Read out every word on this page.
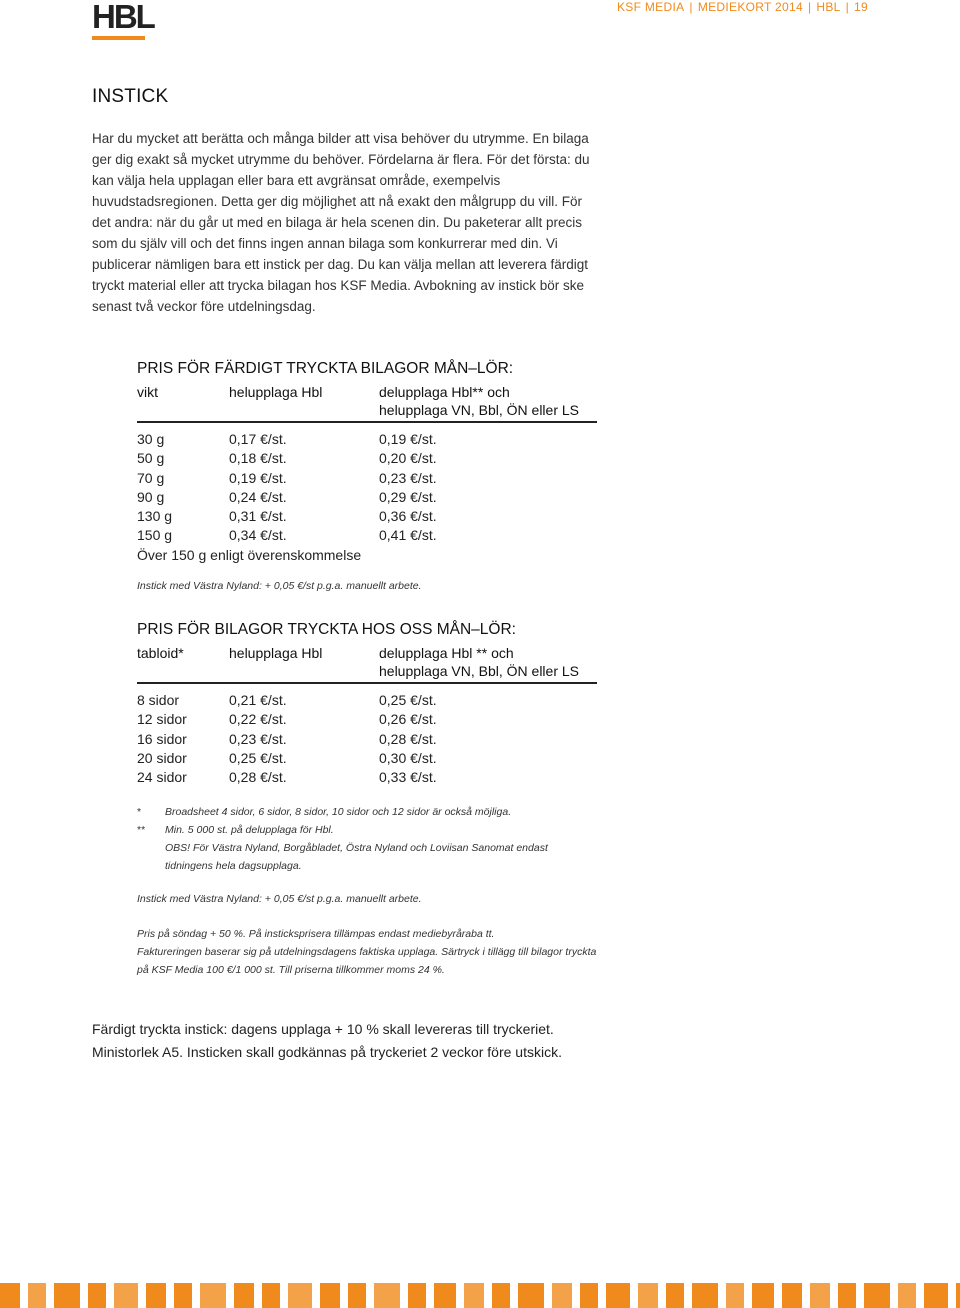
HBL	KSF MEDIA | MEDIEKORT 2014 | HBL | 19
INSTICK

Har du mycket att berätta och många bilder att visa behöver du utrymme. En bilaga ger dig exakt så mycket utrymme du behöver. Fördelarna är flera. För det första: du kan välja hela upplagan eller bara ett avgränsat område, exempelvis huvudstadsregionen. Detta ger dig möjlighet att nå exakt den målgrupp du vill. För det andra: när du går ut med en bilaga är hela scenen din. Du paketerar allt precis som du själv vill och det finns ingen annan bilaga som konkurrerar med din. Vi publicerar nämligen bara ett instick per dag. Du kan välja mellan att leverera färdigt tryckt material eller att trycka bilagan hos KSF Media. Avbokning av instick bör ske senast två veckor före utdelningsdag.

PRIS FÖR FÄRDIGT TRYCKTA BILAGOR MÅN–LÖR:
vikt	helupplaga Hbl	delupplaga Hbl** och
helupplaga VN, Bbl, ÖN eller LS
30 g	0,17 €/st.	0,19 €/st.
50 g	0,18 €/st.	0,20 €/st.
70 g	0,19 €/st.	0,23 €/st.
90 g	0,24 €/st.	0,29 €/st.
130 g	0,31 €/st.	0,36 €/st.
150 g	0,34 €/st.	0,41 €/st.
Över 150 g enligt överenskommelse
Instick med Västra Nyland: + 0,05 €/st p.g.a. manuellt arbete.
PRIS FÖR BILAGOR TRYCKTA HOS OSS MÅN–LÖR:
tabloid*	helupplaga Hbl	delupplaga Hbl ** och
helupplaga VN, Bbl, ÖN eller LS
8 sidor	0,21 €/st.	0,25 €/st.
12 sidor	0,22 €/st.	0,26 €/st.
16 sidor	0,23 €/st.	0,28 €/st.
20 sidor	0,25 €/st.	0,30 €/st.
24 sidor	0,28 €/st.	0,33 €/st.
* Broadsheet 4 sidor, 6 sidor, 8 sidor, 10 sidor och 12 sidor är också möjliga.
** Min. 5 000 st. på delupplaga för Hbl.
OBS! För Västra Nyland, Borgåbladet, Östra Nyland och Loviisan Sanomat endast tidningens hela dagsupplaga.

Instick med Västra Nyland: + 0,05 €/st p.g.a. manuellt arbete.

Pris på söndag + 50 %. På insticksprisera tillämpas endast mediebyråraba tt.

Faktureringen baserar sig på utdelningsdagens faktiska upplaga. Särtryck i tillägg till bilagor tryckta på KSF Media 100 €/1 000 st. Till priserna tillkommer moms 24 %.

Färdigt tryckta instick: dagens upplaga + 10 % skall levereras till tryckeriet.
Ministorlek A5. Insticken skall godkännas på tryckeriet 2 veckor före utskick.
